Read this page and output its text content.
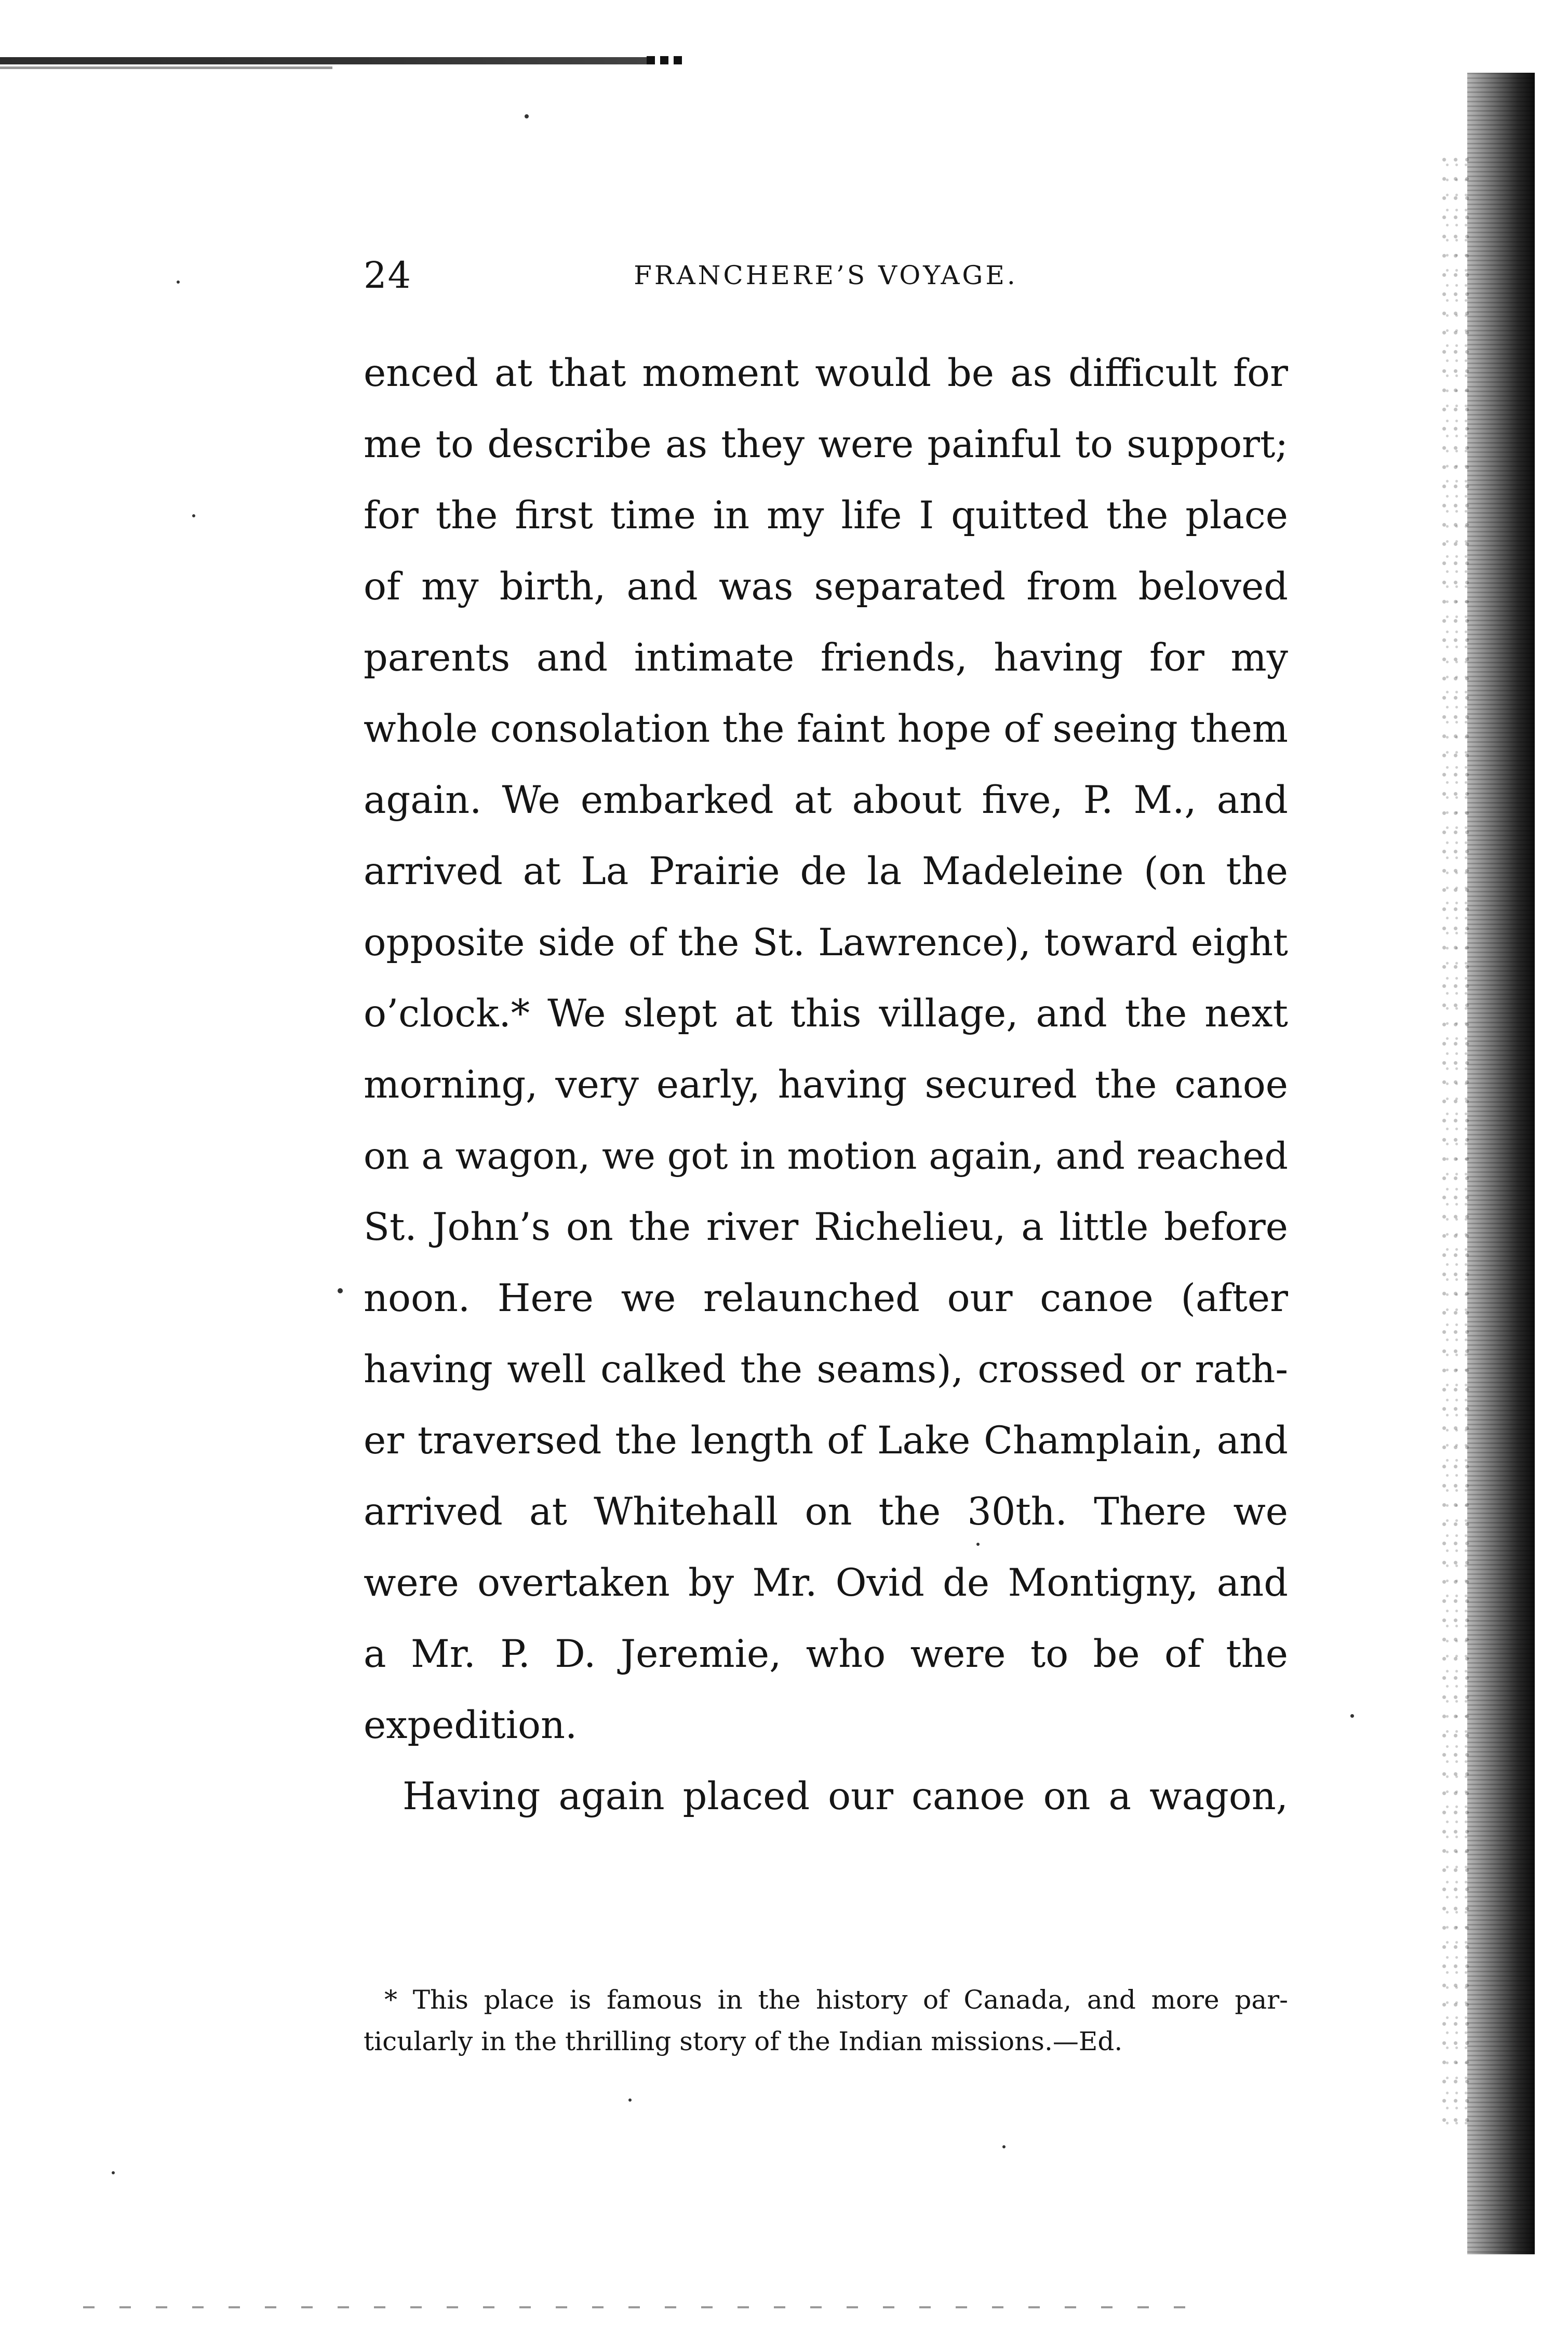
24	FRANCHERE’S VOYAGE.
enced at that moment would be as difficult for
me to describe as they were painful to support;
for the first time in my life I quitted the place
of my birth, and was separated from beloved
parents and intimate friends, having for my
whole consolation the faint hope of seeing them
again. We embarked at about five, P. M., and
arrived at La Prairie de la Madeleine (on the
opposite side of the St. Lawrence), toward eight
o’clock.* We slept at this village, and the next
morning, very early, having secured the canoe
on a wagon, we got in motion again, and reached
St. John’s on the river Richelieu, a little before
noon. Here we relaunched our canoe (after
having well calked the seams), crossed or rath-
er traversed the length of Lake Champlain, and
arrived at Whitehall on the 30th. There we
were overtaken by Mr. Ovid de Montigny, and
a Mr. P. D. Jeremie, who were to be of the
expedition.
Having again placed our canoe on a wagon,
* This place is famous in the history of Canada, and more par-
ticularly in the thrilling story of the Indian missions.—Ed.
